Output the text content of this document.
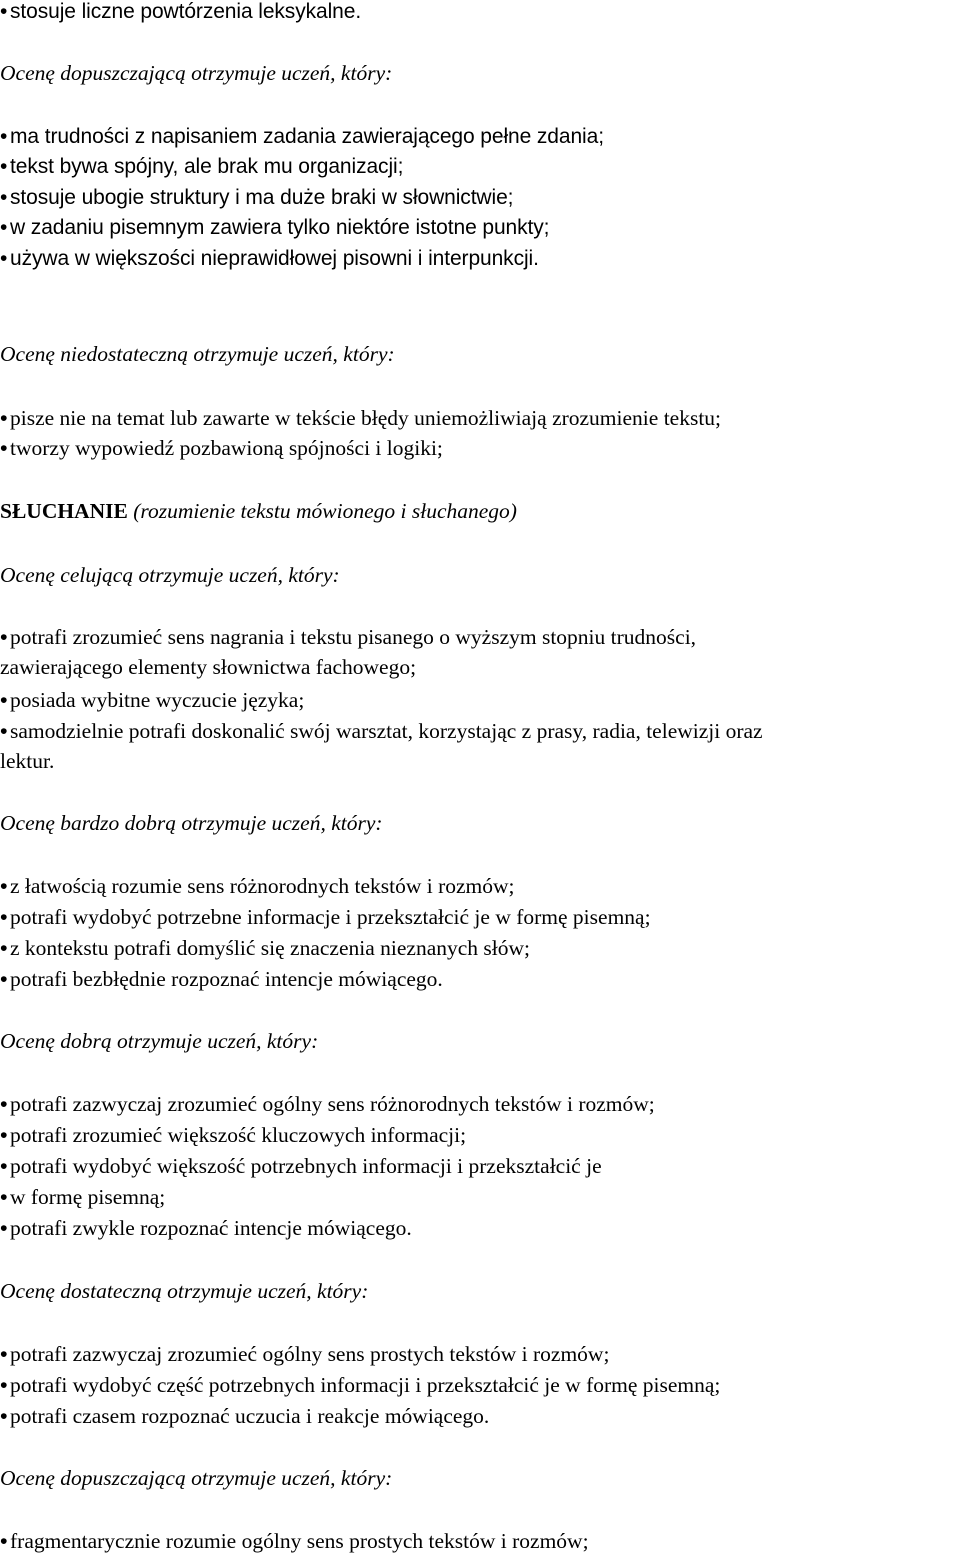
• stosuje liczne powtórzenia leksykalne.
Ocenę dopuszczającą otrzymuje uczeń, który:
• ma trudności z napisaniem zadania zawierającego pełne zdania;
• tekst bywa spójny, ale brak mu organizacji;
• stosuje ubogie struktury i ma duże braki w słownictwie;
• w zadaniu pisemnym zawiera tylko niektóre istotne punkty;
• używa w większości nieprawidłowej pisowni i interpunkcji.
Ocenę niedostateczną otrzymuje uczeń, który:
• pisze nie na temat lub zawarte w tekście błędy uniemożliwiają zrozumienie tekstu;
• tworzy wypowiedź pozbawioną spójności i logiki;
SŁUCHANIE (rozumienie tekstu mówionego i słuchanego)
Ocenę celującą otrzymuje uczeń, który:
• potrafi zrozumieć sens nagrania i tekstu pisanego o wyższym stopniu trudności,
zawierającego elementy słownictwa fachowego;
• posiada wybitne wyczucie języka;
• samodzielnie potrafi doskonalić swój warsztat, korzystając z prasy, radia, telewizji oraz
lektur.
Ocenę bardzo dobrą otrzymuje uczeń, który:
• z łatwością rozumie sens różnorodnych tekstów i rozmów;
• potrafi wydobyć potrzebne informacje i przekształcić je w formę pisemną;
• z kontekstu potrafi domyślić się znaczenia nieznanych słów;
• potrafi bezbłędnie rozpoznać intencje mówiącego.
Ocenę dobrą otrzymuje uczeń, który:
• potrafi zazwyczaj zrozumieć ogólny sens różnorodnych tekstów i rozmów;
• potrafi zrozumieć większość kluczowych informacji;
• potrafi wydobyć większość potrzebnych informacji i przekształcić je
• w formę pisemną;
• potrafi zwykle rozpoznać intencje mówiącego.
Ocenę dostateczną otrzymuje uczeń, który:
• potrafi zazwyczaj zrozumieć ogólny sens prostych tekstów i rozmów;
• potrafi wydobyć część potrzebnych informacji i przekształcić je w formę pisemną;
• potrafi czasem rozpoznać uczucia i reakcje mówiącego.
Ocenę dopuszczającą otrzymuje uczeń, który:
• fragmentarycznie rozumie ogólny sens prostych tekstów i rozmów;
